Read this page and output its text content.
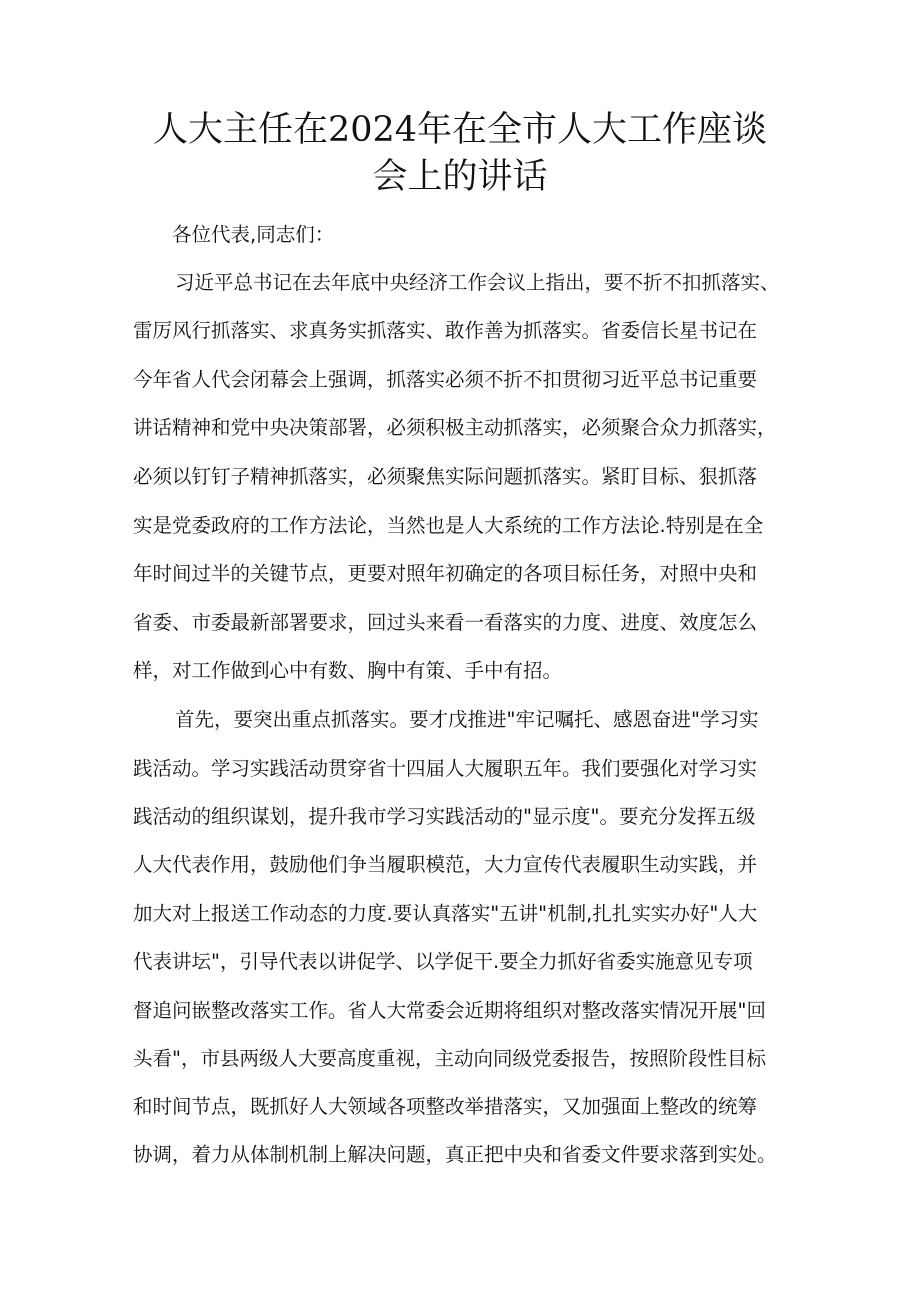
人大主任在2024年在全市人大工作座谈
会上的讲话
各位代表,同志们：
习近平总书记在去年底中央经济工作会议上指出，要不折不扣抓落实、
雷厉风行抓落实、求真务实抓落实、敢作善为抓落实。省委信长星书记在
今年省人代会闭幕会上强调，抓落实必须不折不扣贯彻习近平总书记重要
讲话精神和党中央决策部署，必须积极主动抓落实，必须聚合众力抓落实，
必须以钉钉子精神抓落实，必须聚焦实际问题抓落实。紧盯目标、狠抓落
实是党委政府的工作方法论，当然也是人大系统的工作方法论.特别是在全
年时间过半的关键节点，更要对照年初确定的各项目标任务，对照中央和
省委、市委最新部署要求，回过头来看一看落实的力度、进度、效度怎么
样，对工作做到心中有数、胸中有策、手中有招。
首先，要突出重点抓落实。要才戊推进"牢记嘱托、感恩奋进"学习实
践活动。学习实践活动贯穿省十四届人大履职五年。我们要强化对学习实
践活动的组织谋划，提升我市学习实践活动的"显示度"。要充分发挥五级
人大代表作用，鼓励他们争当履职模范，大力宣传代表履职生动实践，并
加大对上报送工作动态的力度.要认真落实"五讲"机制,扎扎实实办好"人大
代表讲坛"，引导代表以讲促学、以学促干.要全力抓好省委实施意见专项
督追问嵌整改落实工作。省人大常委会近期将组织对整改落实情况开展"回
头看"，市县两级人大要高度重视，主动向同级党委报告，按照阶段性目标
和时间节点，既抓好人大领域各项整改举措落实，又加强面上整改的统筹
协调，着力从体制机制上解决问题，真正把中央和省委文件要求落到实处。
